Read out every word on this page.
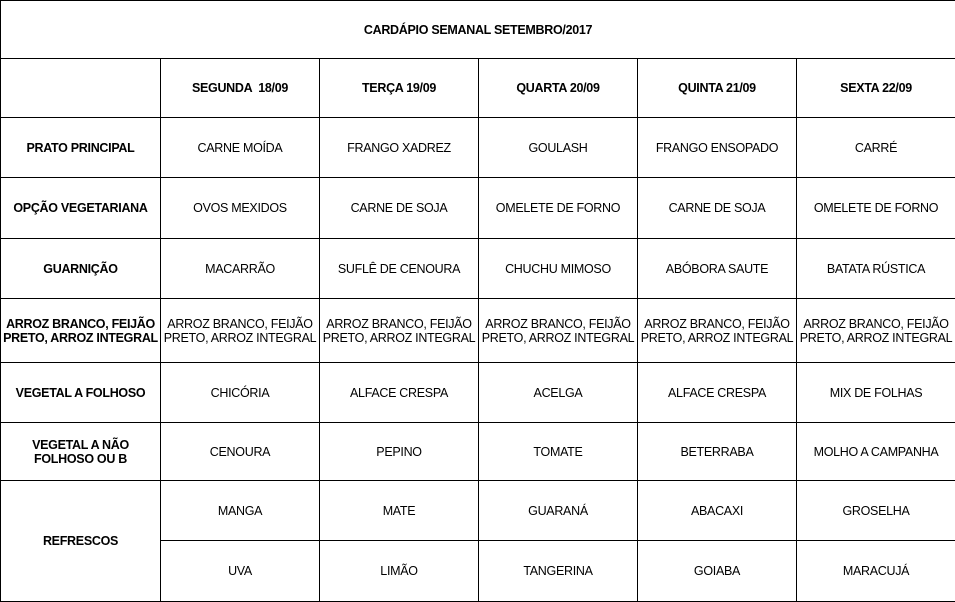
CARDÁPIO SEMANAL SETEMBRO/2017					
	SEGUNDA  18/09	TERÇA 19/09	QUARTA 20/09	QUINTA 21/09	SEXTA 22/09
PRATO PRINCIPAL	CARNE MOÍDA	FRANGO XADREZ	GOULASH	FRANGO ENSOPADO	CARRÉ
OPÇÃO VEGETARIANA	OVOS MEXIDOS	CARNE DE SOJA	OMELETE DE FORNO	CARNE DE SOJA	OMELETE DE FORNO
GUARNIÇÃO	MACARRÃO	SUFLÊ DE CENOURA	CHUCHU MIMOSO	ABÓBORA SAUTE	BATATA RÚSTICA
ARROZ BRANCO, FEIJÃO PRETO, ARROZ INTEGRAL	ARROZ BRANCO, FEIJÃO PRETO, ARROZ INTEGRAL	ARROZ BRANCO, FEIJÃO PRETO, ARROZ INTEGRAL	ARROZ BRANCO, FEIJÃO PRETO, ARROZ INTEGRAL	ARROZ BRANCO, FEIJÃO PRETO, ARROZ INTEGRAL	ARROZ BRANCO, FEIJÃO PRETO, ARROZ INTEGRAL
VEGETAL A FOLHOSO	CHICÓRIA	ALFACE CRESPA	ACELGA	ALFACE CRESPA	MIX DE FOLHAS
VEGETAL A NÃO FOLHOSO OU B	CENOURA	PEPINO	TOMATE	BETERRABA	MOLHO A CAMPANHA
REFRESCOS	MANGA	MATE	GUARANÁ	ABACAXI	GROSELHA
	UVA	LIMÃO	TANGERINA	GOIABA	MARACUJÁ
